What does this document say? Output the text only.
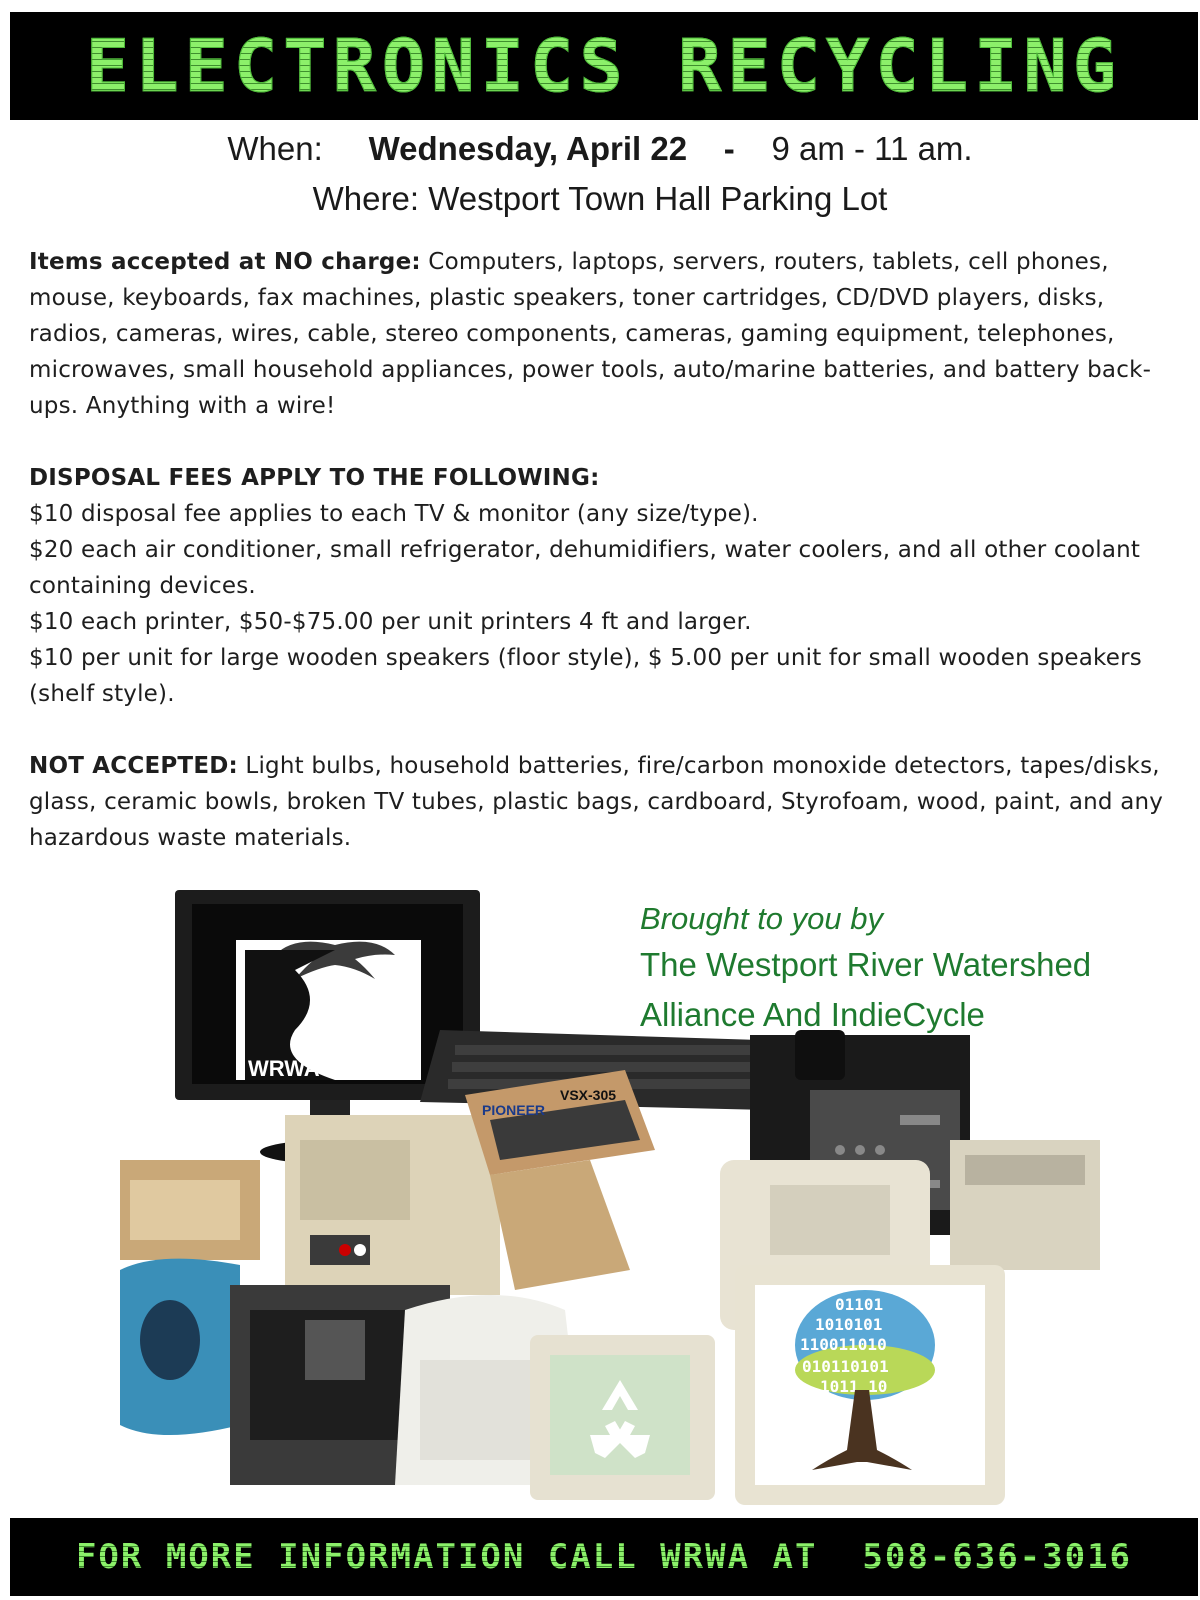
ELECTRONICS RECYCLING
When: Wednesday, April 22 - 9 am - 11 am.
Where: Westport Town Hall Parking Lot

Items accepted at NO charge: Computers, laptops, servers, routers, tablets, cell phones, mouse, keyboards, fax machines, plastic speakers, toner cartridges, CD/DVD players, disks, radios, cameras, wires, cable, stereo components, cameras, gaming equipment, telephones, microwaves, small household appliances, power tools, auto/marine batteries, and battery back-ups. Anything with a wire!

DISPOSAL FEES APPLY TO THE FOLLOWING:

$10 disposal fee applies to each TV & monitor (any size/type).

$20 each air conditioner, small refrigerator, dehumidifiers, water coolers, and all other coolant containing devices.

$10 each printer, $50-$75.00 per unit printers 4 ft and larger.

$10 per unit for large wooden speakers (floor style), $ 5.00 per unit for small wooden speakers (shelf style).

NOT ACCEPTED: Light bulbs, household batteries, fire/carbon monoxide detectors, tapes/disks, glass, ceramic bowls, broken TV tubes, plastic bags, cardboard, Styrofoam, wood, paint, and any hazardous waste materials.

WRWA
PIONEER
VSX-305
01101
1010101
110011010
010110101
1011 10
Brought to you by
The Westport River Watershed
Alliance And IndieCycle
FOR MORE INFORMATION CALL WRWA AT  508-636-3016
